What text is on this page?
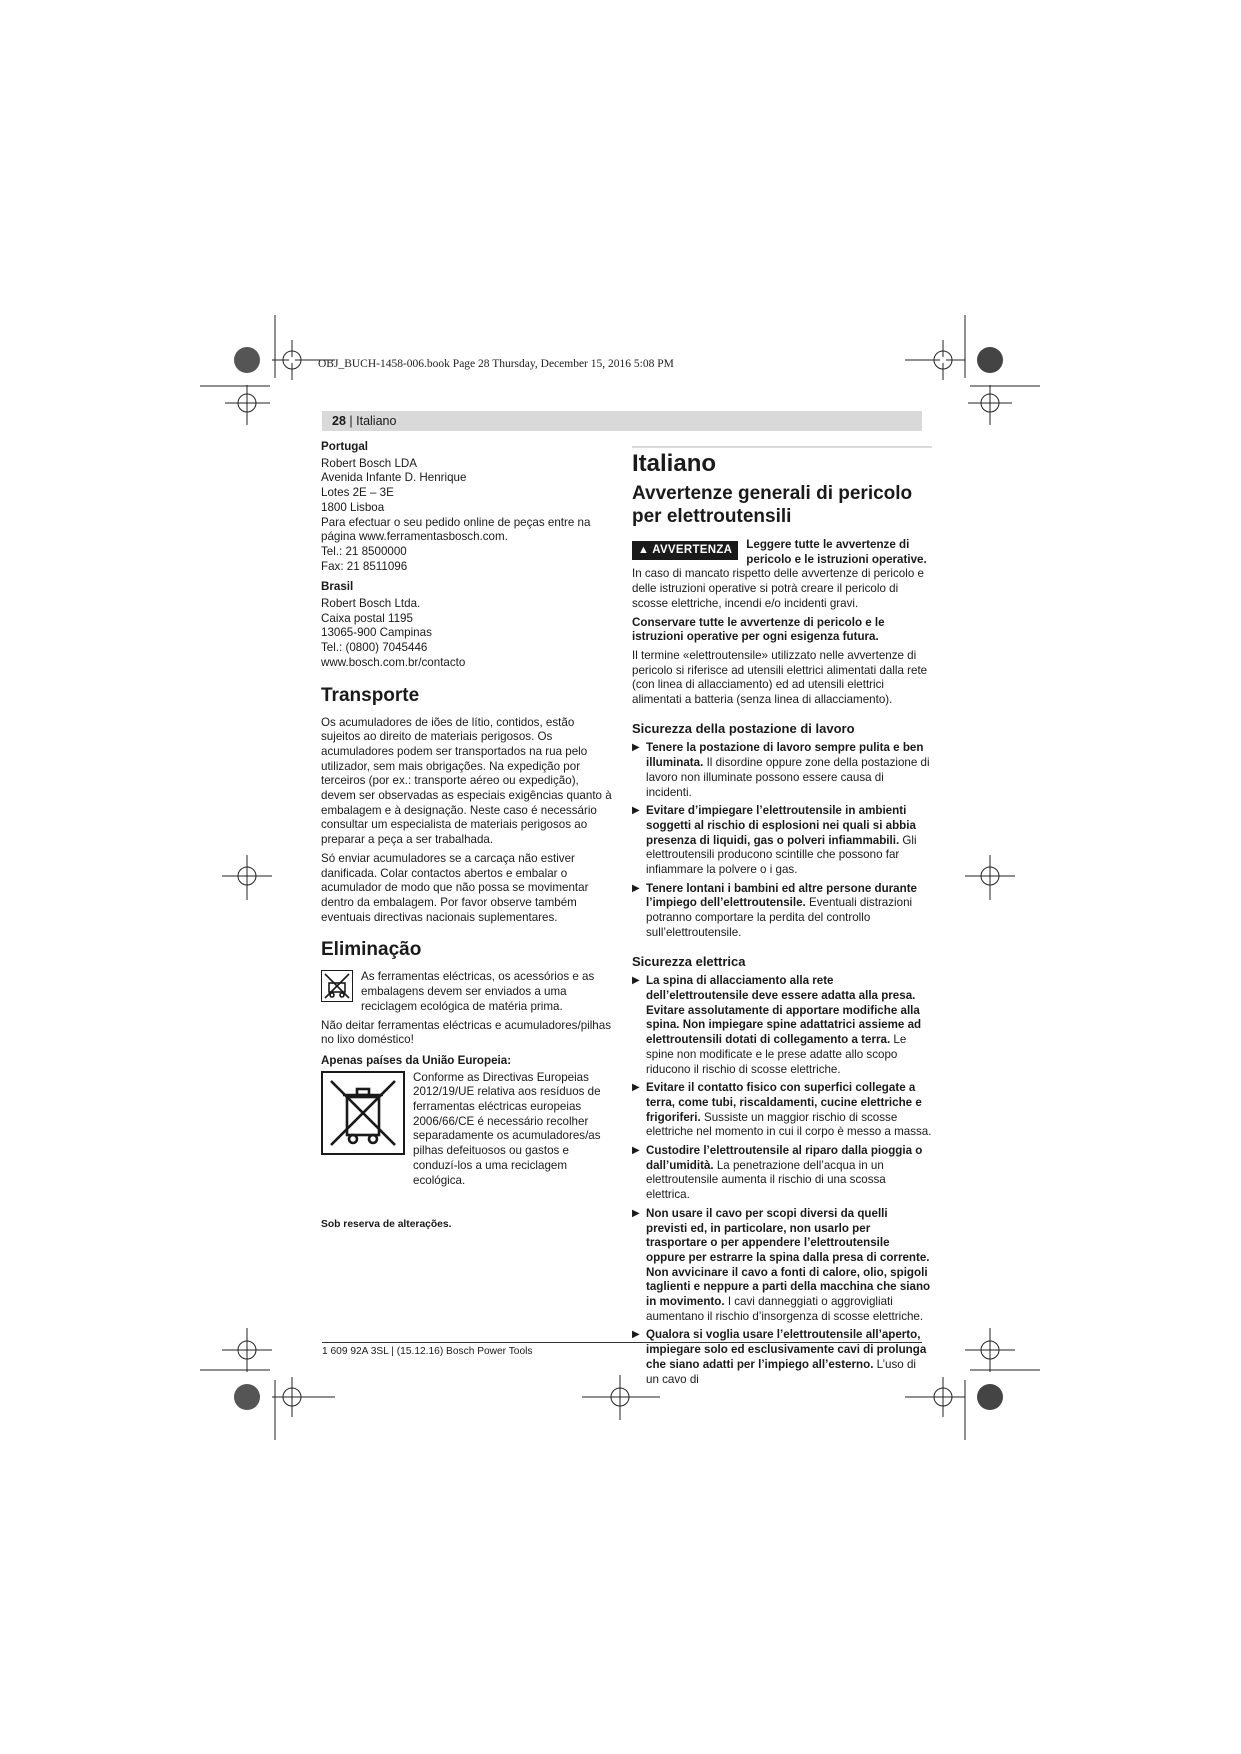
OBJ_BUCH-1458-006.book Page 28 Thursday, December 15, 2016 5:08 PM
28 | Italiano

Portugal

Robert Bosch LDA

Avenida Infante D. Henrique

Lotes 2E – 3E

1800 Lisboa

Para efectuar o seu pedido online de peças entre na página www.ferramentasbosch.com.

Tel.: 21 8500000

Fax: 21 8511096

Brasil

Robert Bosch Ltda.

Caixa postal 1195

13065-900 Campinas

Tel.: (0800) 7045446

www.bosch.com.br/contacto

Transporte

Os acumuladores de iões de lítio, contidos, estão sujeitos ao direito de materiais perigosos. Os acumuladores podem ser transportados na rua pelo utilizador, sem mais obrigações. Na expedição por terceiros (por ex.: transporte aéreo ou expedição), devem ser observadas as especiais exigências quanto à embalagem e à designação. Neste caso é necessário consultar um especialista de materiais perigosos ao preparar a peça a ser trabalhada.

Só enviar acumuladores se a carcaça não estiver danificada. Colar contactos abertos e embalar o acumulador de modo que não possa se movimentar dentro da embalagem. Por favor observe também eventuais directivas nacionais suplementares.

Eliminação

As ferramentas eléctricas, os acessórios e as embalagens devem ser enviados a uma reciclagem ecológica de matéria prima.

Não deitar ferramentas eléctricas e acumuladores/pilhas no lixo doméstico!

Apenas países da União Europeia:

Conforme as Directivas Europeias 2012/19/UE relativa aos resíduos de ferramentas eléctricas europeias 2006/66/CE é necessário recolher separadamente os acumuladores/as pilhas defeituosos ou gastos e conduzí-los a uma reciclagem ecológica.

Sob reserva de alterações.

Italiano
Avvertenze generali di pericolo per elettroutensili
▲ AVVERTENZA	Leggere tutte le avvertenze di pericolo e le istruzioni operative. In caso di mancato rispetto delle avvertenze di pericolo e delle istruzioni operative si potrà creare il pericolo di scosse elettriche, incendi e/o incidenti gravi.

Conservare tutte le avvertenze di pericolo e le istruzioni operative per ogni esigenza futura.

Il termine «elettroutensile» utilizzato nelle avvertenze di pericolo si riferisce ad utensili elettrici alimentati dalla rete (con linea di allacciamento) ed ad utensili elettrici alimentati a batteria (senza linea di allacciamento).

Sicurezza della postazione di lavoro
▶ Tenere la postazione di lavoro sempre pulita e ben illuminata. Il disordine oppure zone della postazione di lavoro non illuminate possono essere causa di incidenti.
▶ Evitare d’impiegare l’elettroutensile in ambienti soggetti al rischio di esplosioni nei quali si abbia presenza di liquidi, gas o polveri infiammabili. Gli elettroutensili producono scintille che possono far infiammare la polvere o i gas.
▶ Tenere lontani i bambini ed altre persone durante l’impiego dell’elettroutensile. Eventuali distrazioni potranno comportare la perdita del controllo sull’elettroutensile.
Sicurezza elettrica
▶ La spina di allacciamento alla rete dell’elettroutensile deve essere adatta alla presa. Evitare assolutamente di apportare modifiche alla spina. Non impiegare spine adattatrici assieme ad elettroutensili dotati di collegamento a terra. Le spine non modificate e le prese adatte allo scopo riducono il rischio di scosse elettriche.
▶ Evitare il contatto fisico con superfici collegate a terra, come tubi, riscaldamenti, cucine elettriche e frigoriferi. Sussiste un maggior rischio di scosse elettriche nel momento in cui il corpo è messo a massa.
▶ Custodire l’elettroutensile al riparo dalla pioggia o dall’umidità. La penetrazione dell’acqua in un elettroutensile aumenta il rischio di una scossa elettrica.
▶ Non usare il cavo per scopi diversi da quelli previsti ed, in particolare, non usarlo per trasportare o per appendere l’elettroutensile oppure per estrarre la spina dalla presa di corrente. Non avvicinare il cavo a fonti di calore, olio, spigoli taglienti e neppure a parti della macchina che siano in movimento. I cavi danneggiati o aggrovigliati aumentano il rischio d’insorgenza di scosse elettriche.
▶ Qualora si voglia usare l’elettroutensile all’aperto, impiegare solo ed esclusivamente cavi di prolunga che siano adatti per l’impiego all’esterno. L’uso di un cavo di
1 609 92A 3SL | (15.12.16) Bosch Power Tools
